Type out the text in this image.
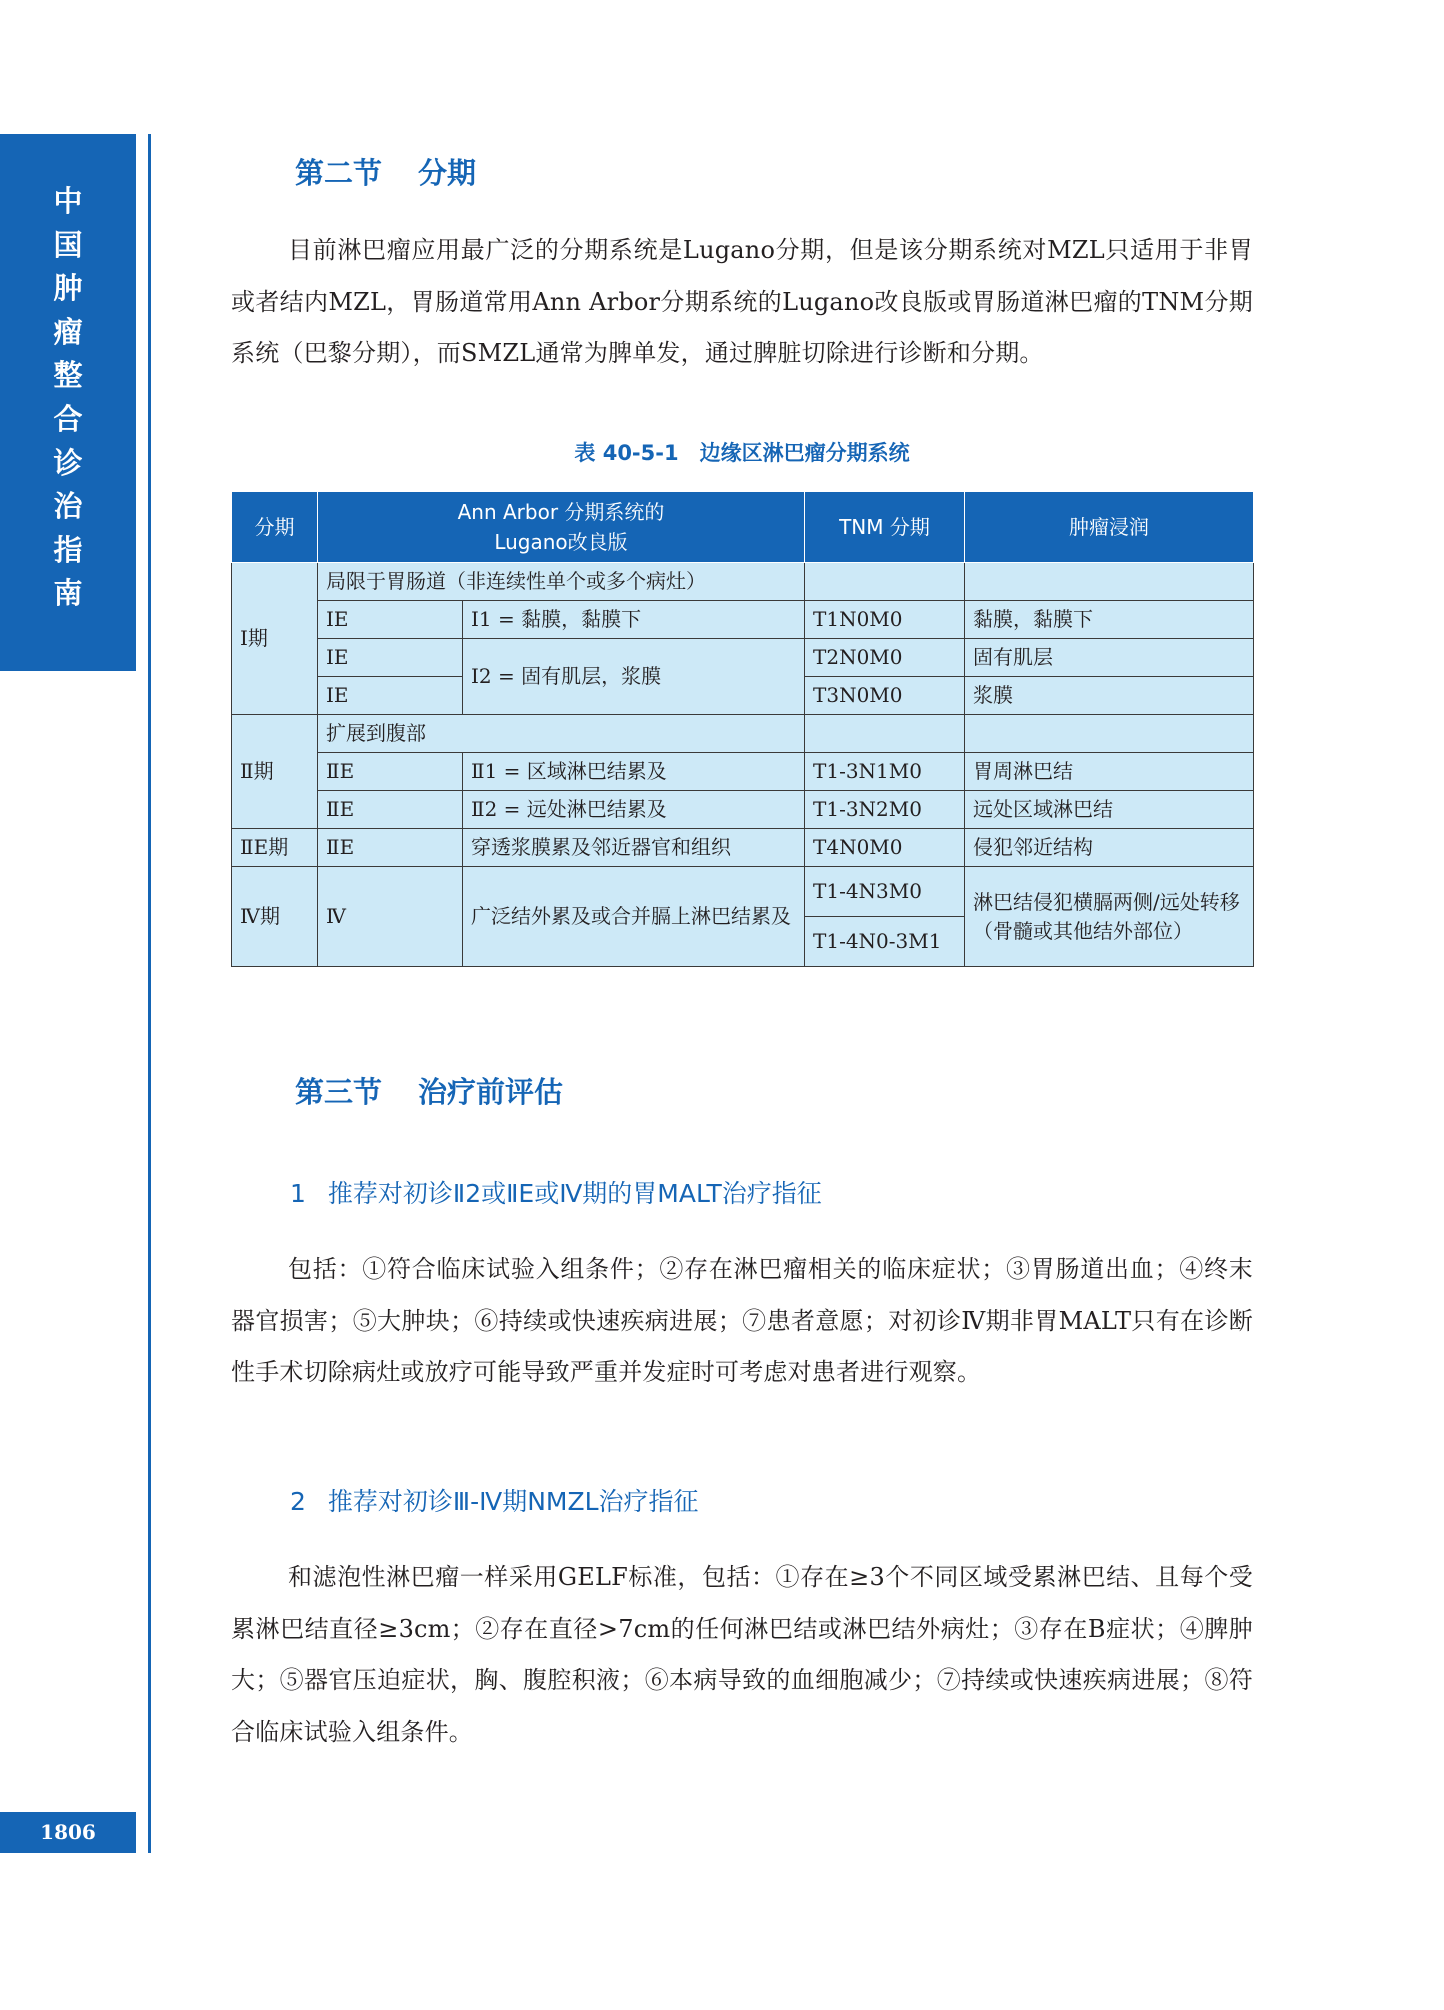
中
国
肿
瘤
整
合
诊
治
指
南
1806
第二节 分期

目前淋巴瘤应用最广泛的分期系统是Lugano分期，但是该分期系统对MZL只适用于非胃或者结内MZL，胃肠道常用Ann Arbor分期系统的Lugano改良版或胃肠道淋巴瘤的TNM分期系统（巴黎分期），而SMZL通常为脾单发，通过脾脏切除进行诊断和分期。

表 40-5-1　边缘区淋巴瘤分期系统
分期	Ann Arbor 分期系统的
Lugano改良版		TNM 分期	肿瘤浸润
Ⅰ期	局限于胃肠道（非连续性单个或多个病灶）			
	ⅠE	Ⅰ1 = 黏膜，黏膜下	T1N0M0	黏膜，黏膜下
	ⅠE	Ⅰ2 = 固有肌层，浆膜	T2N0M0	固有肌层
	ⅠE		T3N0M0	浆膜
Ⅱ期	扩展到腹部			
	ⅡE	Ⅱ1 = 区域淋巴结累及	T1-3N1M0	胃周淋巴结
	ⅡE	Ⅱ2 = 远处淋巴结累及	T1-3N2M0	远处区域淋巴结
ⅡE期	ⅡE	穿透浆膜累及邻近器官和组织	T4N0M0	侵犯邻近结构
Ⅳ期	Ⅳ	广泛结外累及或合并膈上淋巴结累及	T1-4N3M0	淋巴结侵犯横膈两侧/远处转移（骨髓或其他结外部位）
			T1-4N0-3M1	
第三节 治疗前评估
1 推荐对初诊Ⅱ2或ⅡE或Ⅳ期的胃MALT治疗指征

包括：①符合临床试验入组条件；②存在淋巴瘤相关的临床症状；③胃肠道出血；④终末器官损害；⑤大肿块；⑥持续或快速疾病进展；⑦患者意愿；对初诊Ⅳ期非胃MALT只有在诊断性手术切除病灶或放疗可能导致严重并发症时可考虑对患者进行观察。

2 推荐对初诊Ⅲ-Ⅳ期NMZL治疗指征

和滤泡性淋巴瘤一样采用GELF标准，包括：①存在≥3个不同区域受累淋巴结、且每个受累淋巴结直径≥3cm；②存在直径>7cm的任何淋巴结或淋巴结外病灶；③存在B症状；④脾肿大；⑤器官压迫症状，胸、腹腔积液；⑥本病导致的血细胞减少；⑦持续或快速疾病进展；⑧符合临床试验入组条件。
